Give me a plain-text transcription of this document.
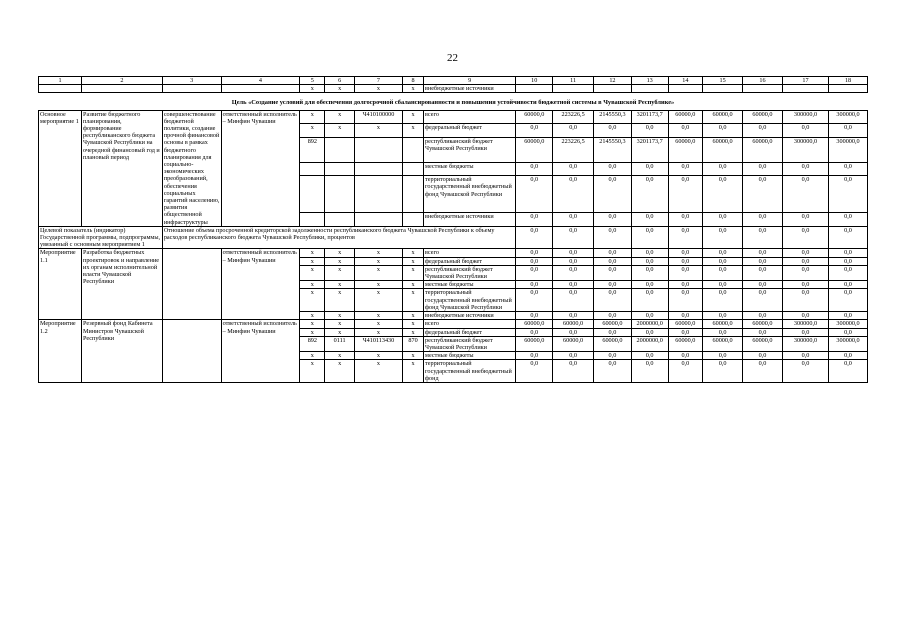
22
1	2	3	4	5	6	7	8	9	10	11	12	13	14	15	16	17	18
				х	х	х	х	внебюджетные источники									
Цель «Создание условий для обеспечения долгосрочной сбалансированности и повышения устойчивости бюджетной системы в Чувашской Республике»																	
Основное мероприятие 1	Развитие бюджетного планирования, формирование республиканского бюджета Чувашской Республики на очередной финансовый год и плановый период	совершенствование бюджетной политики, создание прочной финансовой основы в рамках бюджетного планирования для социально-экономических преобразований, обеспечения социальных гарантий населению, развития общественной инфраструктуры	ответственный исполнитель – Минфин Чувашии	х	х	Ч410100000	х	всего	60000,0	223226,5	2145550,3	3201173,7	60000,0	60000,0	60000,0	300000,0	300000,0
				х	х	х	х	федеральный бюджет	0,0	0,0	0,0	0,0	0,0	0,0	0,0	0,0	0,0
				892				республиканский бюджет Чувашской Республики	60000,0	223226,5	2145550,3	3201173,7	60000,0	60000,0	60000,0	300000,0	300000,0
								местные бюджеты	0,0	0,0	0,0	0,0	0,0	0,0	0,0	0,0	0,0
								территориальный государственный внебюджетный фонд Чувашской Республики	0,0	0,0	0,0	0,0	0,0	0,0	0,0	0,0	0,0
								внебюджетные источники	0,0	0,0	0,0	0,0	0,0	0,0	0,0	0,0	0,0
Целевой показатель (индикатор) Государственной программы, подпрограммы, увязанный с основным мероприятием 1		Отношение объема просроченной кредиторской задолженности республиканского бюджета Чувашской Республики к объему расходов республиканского бюджета Чувашской Республики, процентов							0,0	0,0	0,0	0,0	0,0	0,0	0,0	0,0	0,0
Мероприятие 1.1	Разработка бюджетных проектировок и направление их органам исполнительной власти Чувашской Республики		ответственный исполнитель – Минфин Чувашии	х	х	х	х	всего	0,0	0,0	0,0	0,0	0,0	0,0	0,0	0,0	0,0
				х	х	х	х	федеральный бюджет	0,0	0,0	0,0	0,0	0,0	0,0	0,0	0,0	0,0
				х	х	х	х	республиканский бюджет Чувашской Республики	0,0	0,0	0,0	0,0	0,0	0,0	0,0	0,0	0,0
				х	х	х	х	местные бюджеты	0,0	0,0	0,0	0,0	0,0	0,0	0,0	0,0	0,0
				х	х	х	х	территориальный государственный внебюджетный фонд Чувашской Республики	0,0	0,0	0,0	0,0	0,0	0,0	0,0	0,0	0,0
				х	х	х	х	внебюджетные источники	0,0	0,0	0,0	0,0	0,0	0,0	0,0	0,0	0,0
Мероприятие 1.2	Резервный фонд Кабинета Министров Чувашской Республики		ответственный исполнитель – Минфин Чувашии	х	х	х	х	всего	60000,0	60000,0	60000,0	2000000,0	60000,0	60000,0	60000,0	300000,0	300000,0
				х	х	х	х	федеральный бюджет	0,0	0,0	0,0	0,0	0,0	0,0	0,0	0,0	0,0
				892	0111	Ч410113430	870	республиканский бюджет Чувашской Республики	60000,0	60000,0	60000,0	2000000,0	60000,0	60000,0	60000,0	300000,0	300000,0
				х	х	х	х	местные бюджеты	0,0	0,0	0,0	0,0	0,0	0,0	0,0	0,0	0,0
				х	х	х	х	территориальный государственный внебюджетный фонд	0,0	0,0	0,0	0,0	0,0	0,0	0,0	0,0	0,0
